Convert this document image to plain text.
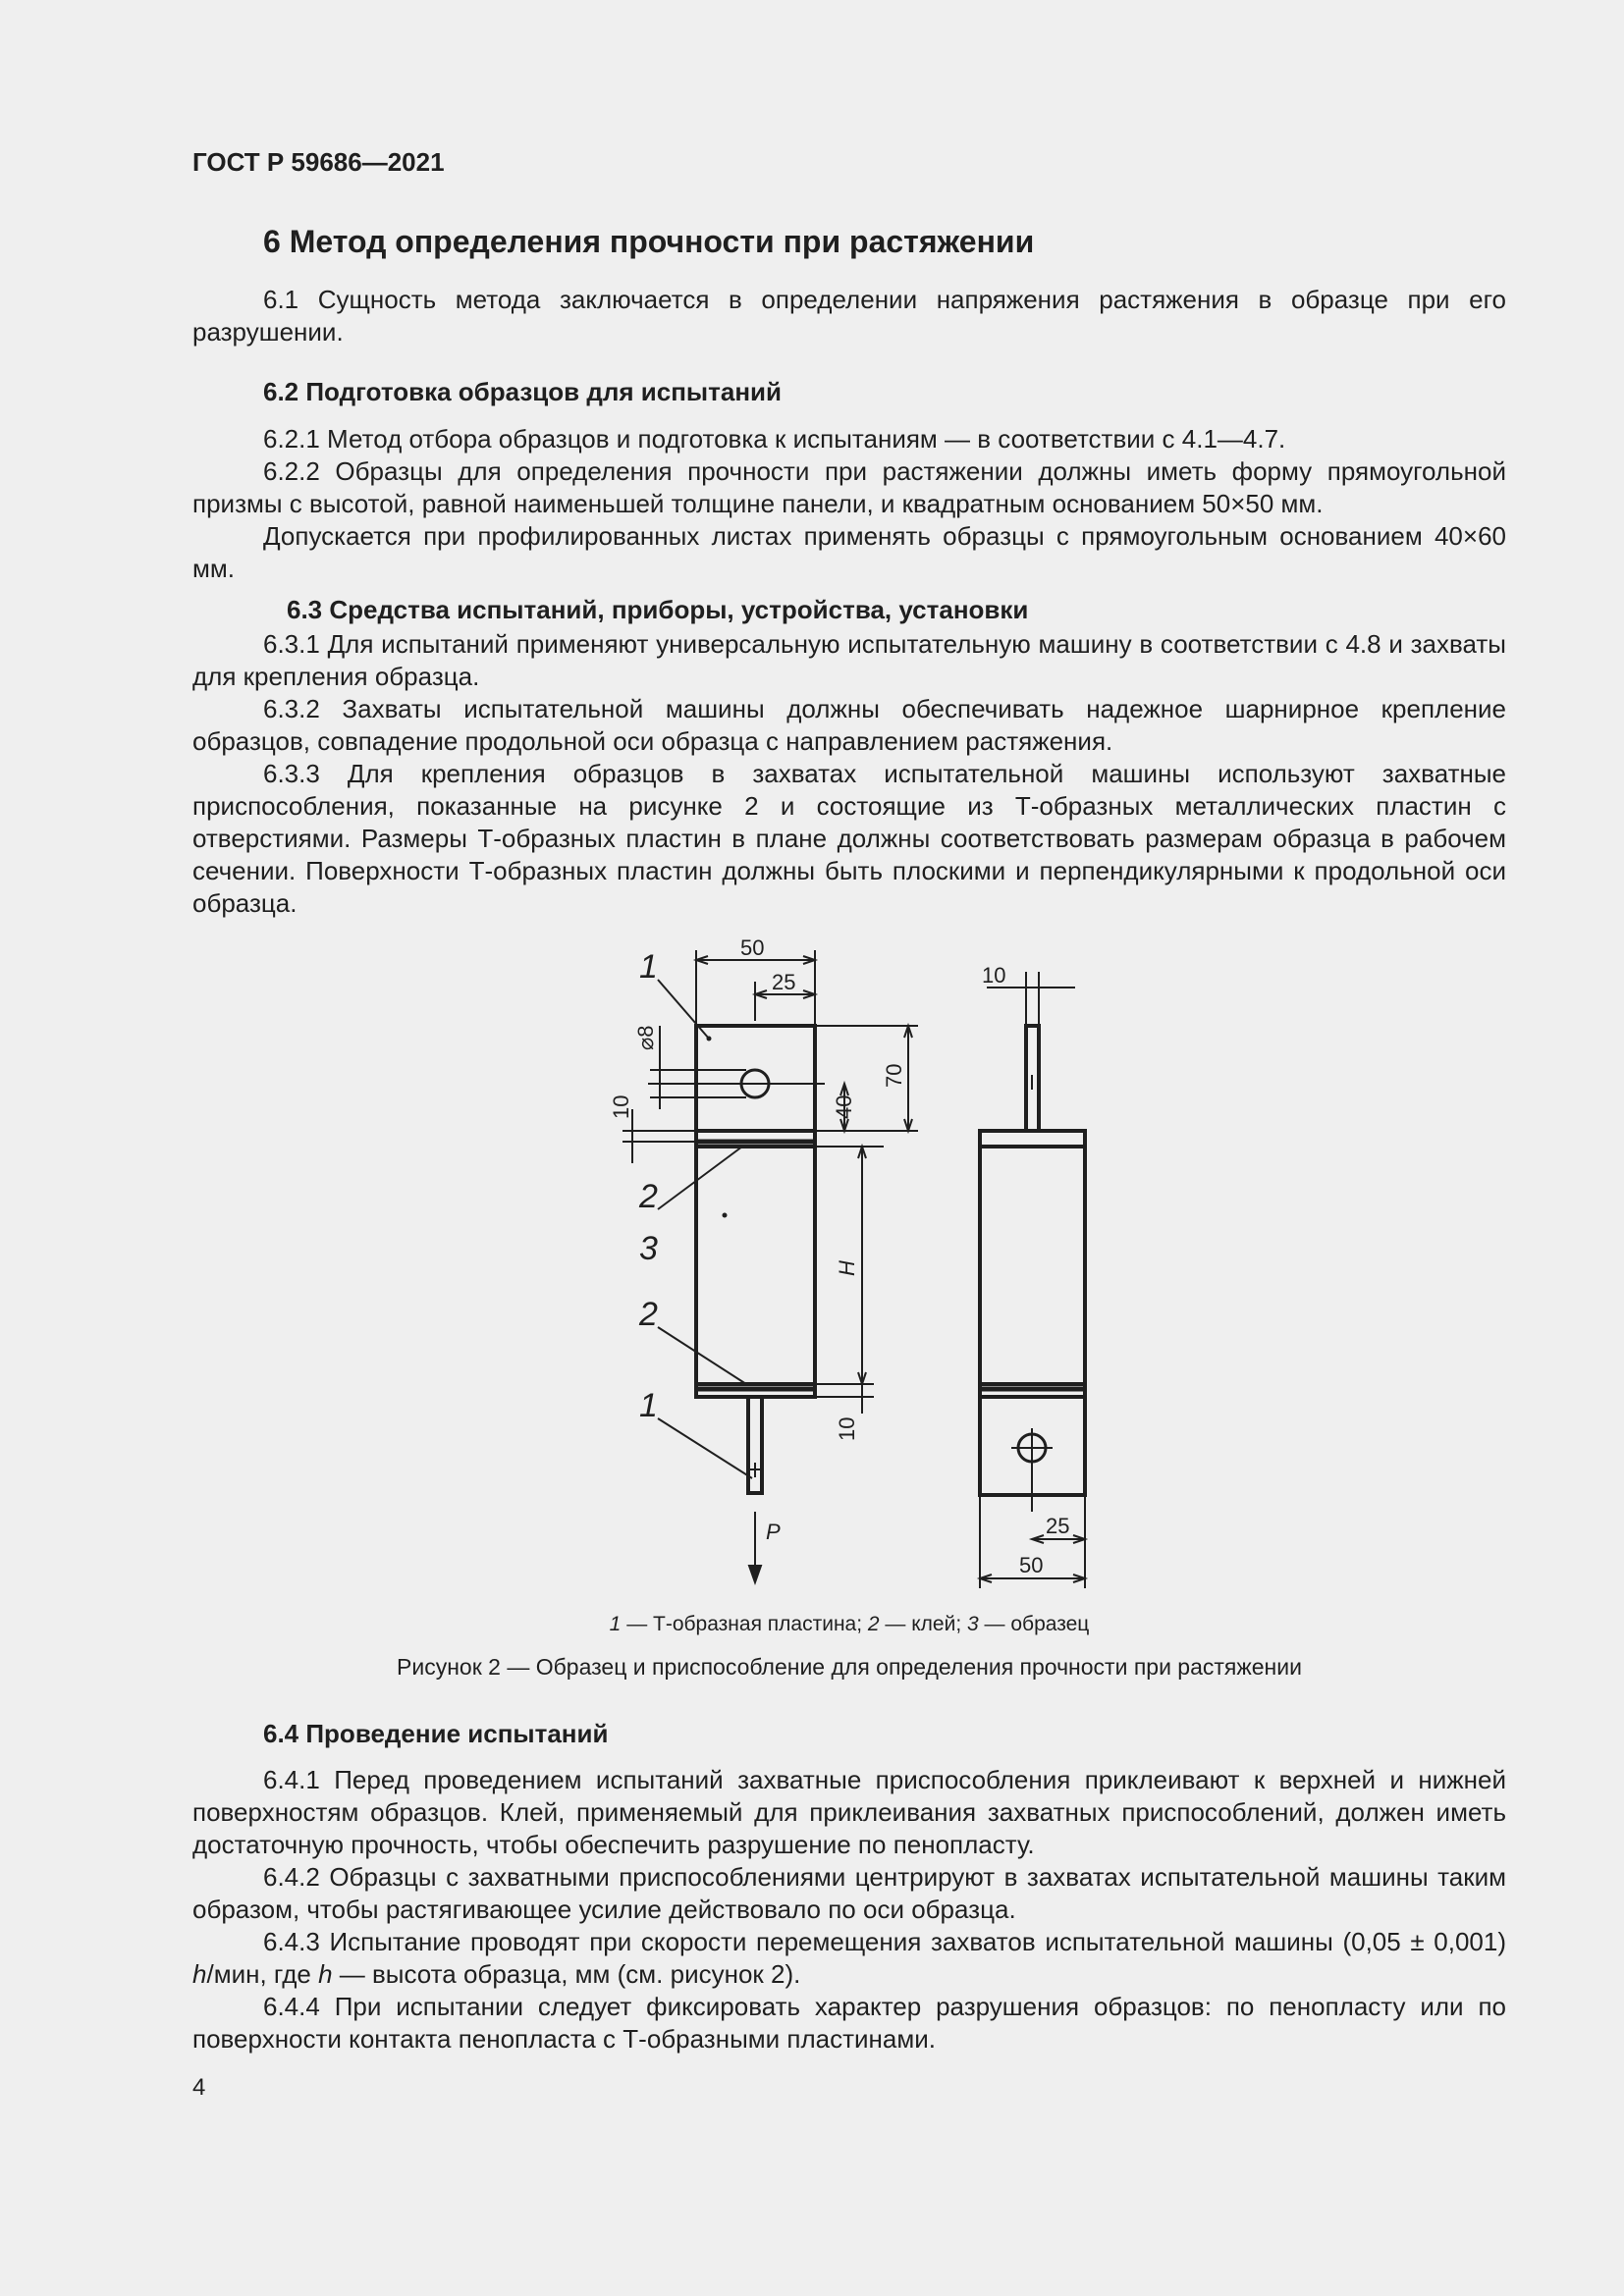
ГОСТ Р 59686—2021
6 Метод определения прочности при растяжении

6.1 Сущность метода заключается в определении напряжения растяжения в образце при его разрушении.

6.2 Подготовка образцов для испытаний

6.2.1 Метод отбора образцов и подготовка к испытаниям — в соответствии с 4.1—4.7.

6.2.2 Образцы для определения прочности при растяжении должны иметь форму прямоугольной призмы с высотой, равной наименьшей толщине панели, и квадратным основанием 50×50 мм.

Допускается при профилированных листах применять образцы с прямоугольным основанием 40×60 мм.

6.3 Средства испытаний, приборы, устройства, установки

6.3.1 Для испытаний применяют универсальную испытательную машину в соответствии с 4.8 и захваты для крепления образца.

6.3.2 Захваты испытательной машины должны обеспечивать надежное шарнирное крепление образцов, совпадение продольной оси образца с направлением растяжения.

6.3.3 Для крепления образцов в захватах испытательной машины используют захватные приспособления, показанные на рисунке 2 и состоящие из Т-образных металлических пластин с отверстиями. Размеры Т-образных пластин в плане должны соответствовать размерам образца в рабочем сечении. Поверхности Т-образных пластин должны быть плоскими и перпендикулярными к продольной оси образца.

50
25
⌀8
10	40
70
H
10
P
10
25
50
1
2
3
2
1
1 — Т-образная пластина; 2 — клей; 3 — образец
Рисунок 2 — Образец и приспособление для определения прочности при растяжении
6.4 Проведение испытаний

6.4.1 Перед проведением испытаний захватные приспособления приклеивают к верхней и нижней поверхностям образцов. Клей, применяемый для приклеивания захватных приспособлений, должен иметь достаточную прочность, чтобы обеспечить разрушение по пенопласту.

6.4.2 Образцы с захватными приспособлениями центрируют в захватах испытательной машины таким образом, чтобы растягивающее усилие действовало по оси образца.

6.4.3 Испытание проводят при скорости перемещения захватов испытательной машины (0,05 ± 0,001) h/мин, где h — высота образца, мм (см. рисунок 2).

6.4.4 При испытании следует фиксировать характер разрушения образцов: по пенопласту или по поверхности контакта пенопласта с Т-образными пластинами.

4
